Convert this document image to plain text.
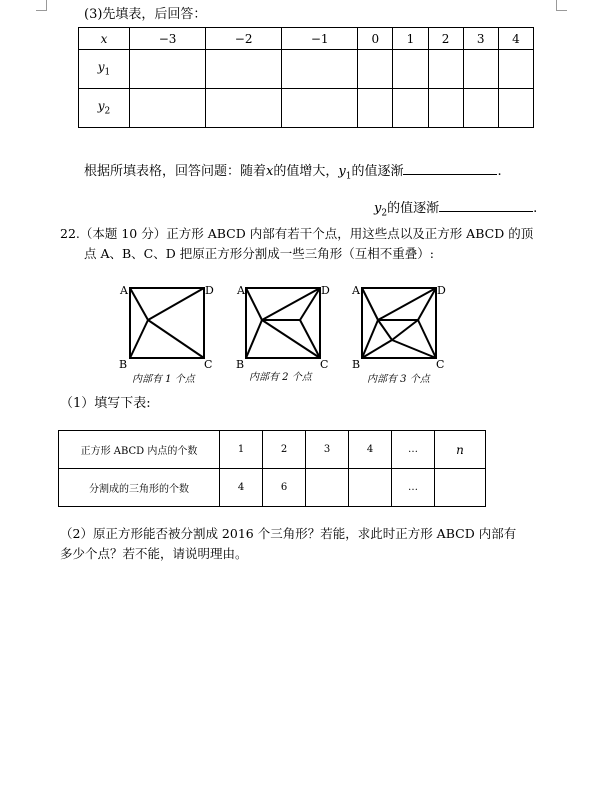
(3)先填表，后回答：
x	−3	−2	−1	0	1	2	3	4
$y_1$								
$y_2$								
根据所填表格，回答问题：随着x的值增大，$y_1$的值逐渐	.
$y_2$的值逐渐	.
22.（本题 10 分）正方形 ABCD 内部有若干个点，用这些点以及正方形 ABCD 的顶
点 A、B、C、D 把原正方形分割成一些三角形（互相不重叠）:
A	D
B	C
A	D
B	C
A	D
B	C
内部有 1 个点	内部有 2 个点	内部有 3 个点
（1）填写下表:
正方形 ABCD 内点的个数	1	2	3	4	…	n
分割成的三角形的个数	4	6			…	
（2）原正方形能否被分割成 2016 个三角形？若能，求此时正方形 ABCD 内部有
多少个点？若不能，请说明理由。
